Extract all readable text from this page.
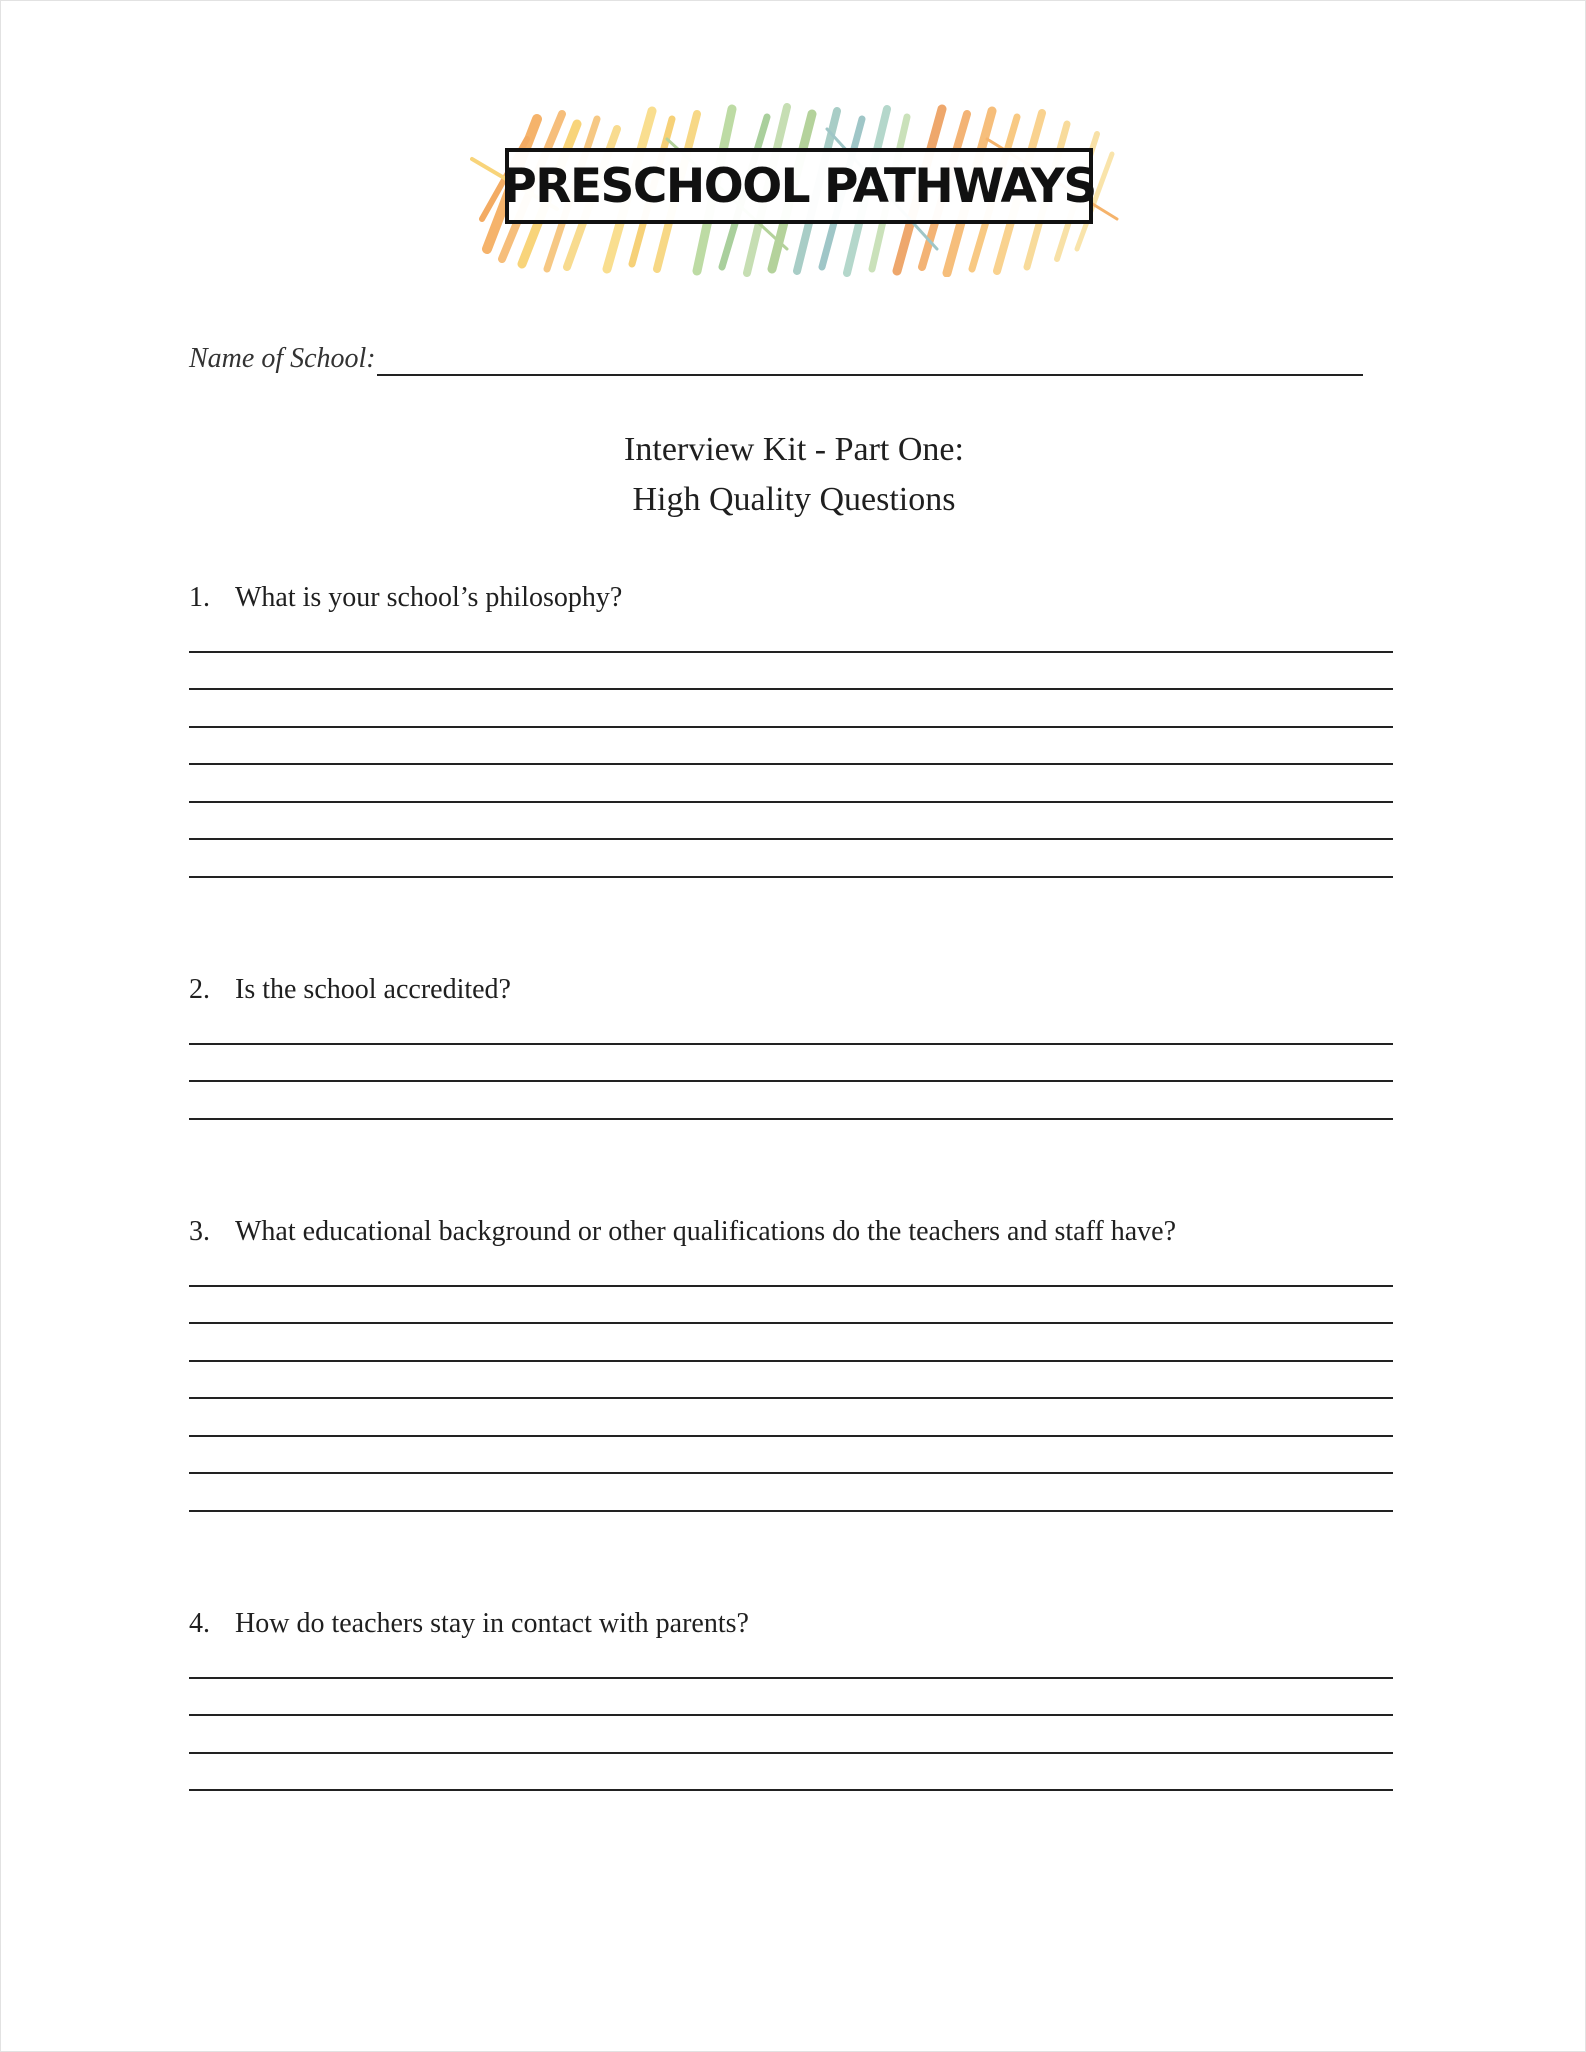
PRESCHOOL PATHWAYS
Name of School:
Interview Kit - Part One:
High Quality Questions
1. What is your school’s philosophy?
2. Is the school accredited?
3. What educational background or other qualifications do the teachers and staff have?
4. How do teachers stay in contact with parents?
